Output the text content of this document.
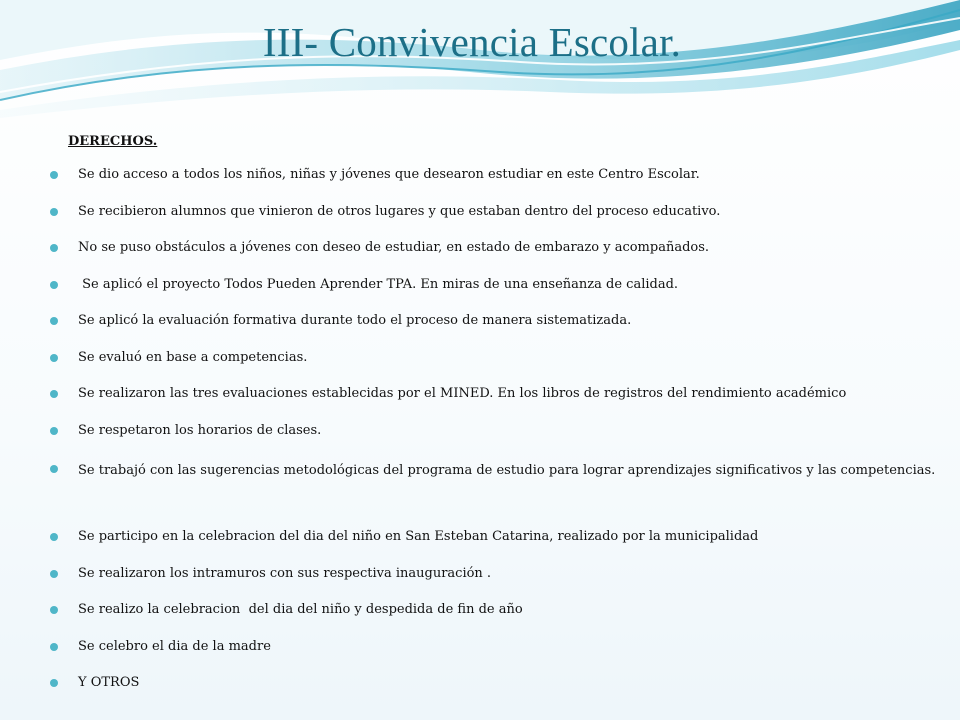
III- Convivencia Escolar.
DERECHOS.
Se dio acceso a todos los niños, niñas y jóvenes que desearon estudiar en este Centro Escolar.
Se recibieron alumnos que vinieron de otros lugares y que estaban dentro del proceso educativo.
No se puso obstáculos a jóvenes con deseo de estudiar, en estado de embarazo y acompañados.
Se aplicó el proyecto Todos Pueden Aprender TPA. En miras de una enseñanza de calidad.
Se aplicó la evaluación formativa durante todo el proceso de manera sistematizada.
Se evaluó en base a competencias.
Se realizaron las tres evaluaciones establecidas por el MINED. En los libros de registros del rendimiento académico
Se respetaron los horarios de clases.
Se trabajó con las sugerencias metodológicas del programa de estudio para lograr aprendizajes significativos y las competencias.
Se participo en la celebracion del dia del niño en San Esteban Catarina, realizado por la municipalidad
Se realizaron los intramuros con sus respectiva inauguración .
Se realizo la celebracion  del dia del niño y despedida de fin de año
Se celebro el dia de la madre
Y OTROS
